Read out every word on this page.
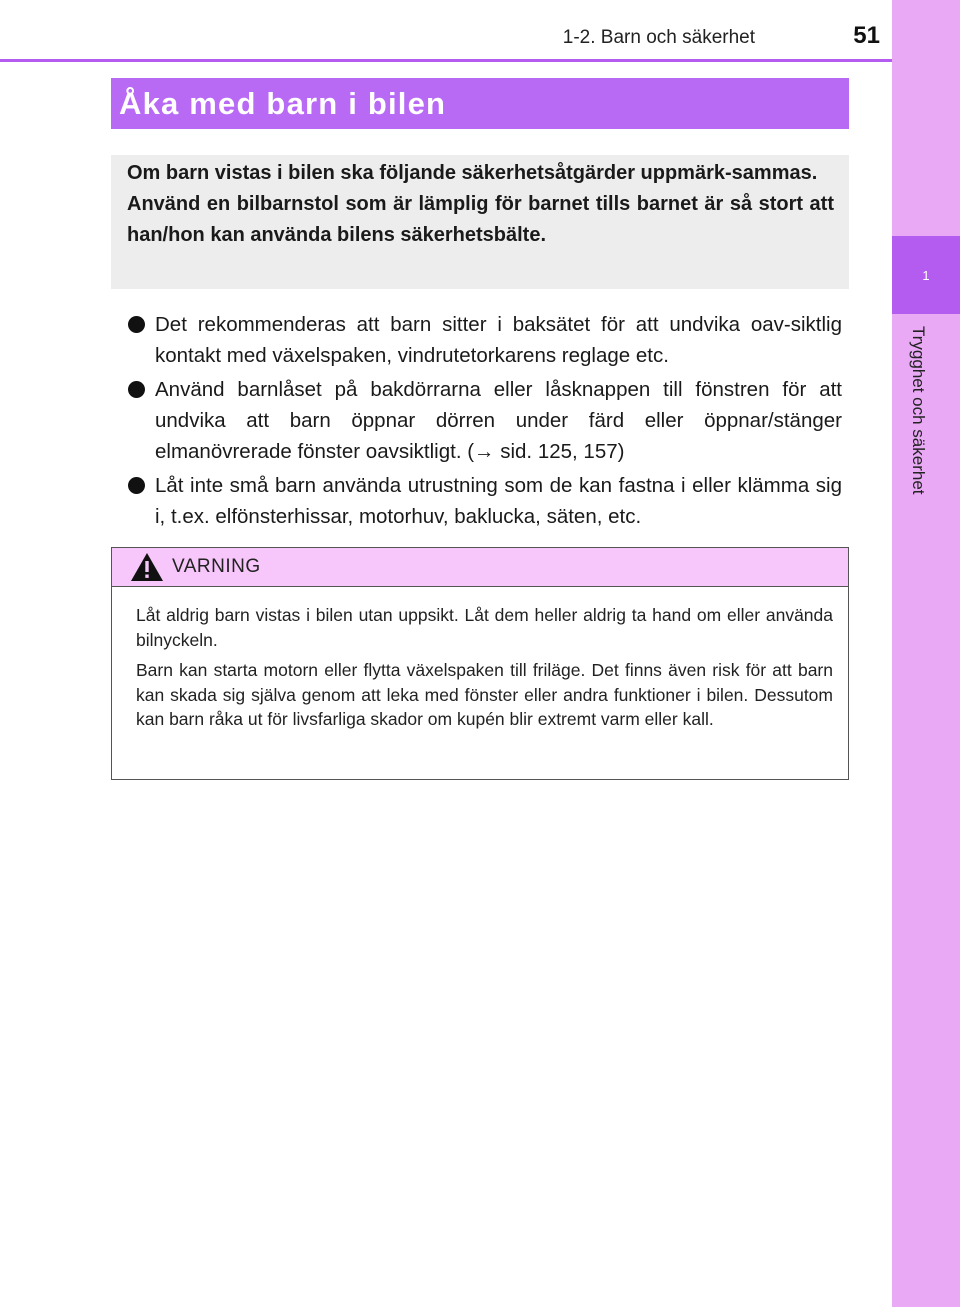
1
Trygghet och säkerhet
1-2. Barn och säkerhet	51
Åka med barn i bilen

Om barn vistas i bilen ska följande säkerhetsåtgärder uppmärk-sammas.

Använd en bilbarnstol som är lämplig för barnet tills barnet är så stort att han/hon kan använda bilens säkerhetsbälte.

Det rekommenderas att barn sitter i baksätet för att undvika oav-siktlig kontakt med växelspaken, vindrutetorkarens reglage etc.
Använd barnlåset på bakdörrarna eller låsknappen till fönstren för att undvika att barn öppnar dörren under färd eller öppnar/stänger elmanövrerade fönster oavsiktligt. (→ sid. 125, 157)
Låt inte små barn använda utrustning som de kan fastna i eller klämma sig i, t.ex. elfönsterhissar, motorhuv, baklucka, säten, etc.
VARNING

Låt aldrig barn vistas i bilen utan uppsikt. Låt dem heller aldrig ta hand om eller använda bilnyckeln.

Barn kan starta motorn eller flytta växelspaken till friläge. Det finns även risk för att barn kan skada sig själva genom att leka med fönster eller andra funktioner i bilen. Dessutom kan barn råka ut för livsfarliga skador om kupén blir extremt varm eller kall.
